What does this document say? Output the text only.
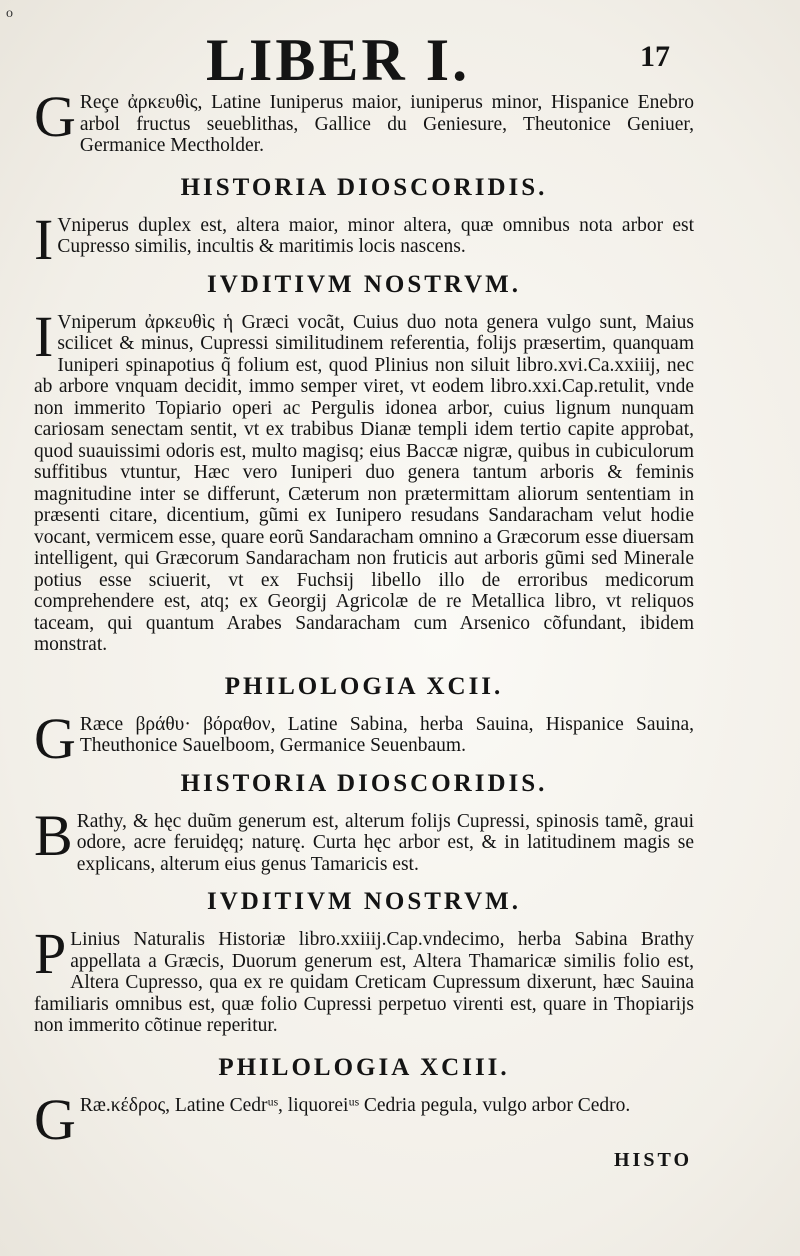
o
LIBER I.	17

G Reçe ἀρκευθὶς, Latine Iuniperus maior, iuniperus minor, Hispanice Enebro arbol fructus seueblithas, Gallice du Geniesure, Theutonice Geniuer, Germanice Mectholder.

HISTORIA DIOSCORIDIS.

I Vniperus duplex est, altera maior, minor altera, quæ omnibus nota arbor est Cupresso similis, incultis & maritimis locis nascens.

IVDITIVM NOSTRVM.

I Vniperum ἀρκευθὶς ἡ Græci vocãt, Cuius duo nota genera vulgo sunt, Maius scilicet & minus, Cupressi similitudinem referentia, folijs præsertim, quanquam Iuniperi spinapotius q̃ folium est, quod Plinius non siluit libro.xvi.Ca.xxiiij, nec ab arbore vnquam decidit, immo semper viret, vt eodem libro.xxi.Cap.retulit, vnde non immerito Topiario operi ac Pergulis idonea arbor, cuius lignum nunquam cariosam senectam sentit, vt ex trabibus Dianæ templi idem tertio capite approbat, quod suauissimi odoris est, multo magisq; eius Baccæ nigræ, quibus in cubiculorum suffitibus vtuntur, Hæc vero Iuniperi duo genera tantum arboris & feminis magnitudine inter se differunt, Cæterum non prætermittam aliorum sententiam in præsenti citare, dicentium, gũmi ex Iunipero resudans Sandaracham velut hodie vocant, vermicem esse, quare eorũ Sandaracham omnino a Græcorum esse diuersam intelligent, qui Græcorum Sandaracham non fruticis aut arboris gũmi sed Minerale potius esse sciuerit, vt ex Fuchsij libello illo de erroribus medicorum comprehendere est, atq; ex Georgij Agricolæ de re Metallica libro, vt reliquos taceam, qui quantum Arabes Sandaracham cum Arsenico cõfundant, ibidem monstrat.

PHILOLOGIA XCII.

G Ræce βράθυ· βόραθον, Latine Sabina, herba Sauina, Hispanice Sauina, Theuthonice Sauelboom, Germanice Seuenbaum.

HISTORIA DIOSCORIDIS.

B Rathy, & hęc duũm generum est, alterum folijs Cupressi, spinosis tamẽ, graui odore, acre feruidęq; naturę. Curta hęc arbor est, & in latitudinem magis se explicans, alterum eius genus Tamaricis est.

IVDITIVM NOSTRVM.

P Linius Naturalis Historiæ libro.xxiiij.Cap.vndecimo, herba Sabina Brathy appellata a Græcis, Duorum generum est, Altera Thamaricæ similis folio est, Altera Cupresso, qua ex re quidam Creticam Cupressum dixerunt, hæc Sauina familiaris omnibus est, quæ folio Cupressi perpetuo virenti est, quare in Thopiarijs non immerito cõtinue reperitur.

PHILOLOGIA XCIII.

G Ræ.κέδρος, Latine Cedrᵘˢ, liquoreiᵘˢ Cedria pegula, vulgo arbor Cedro.

HISTO
